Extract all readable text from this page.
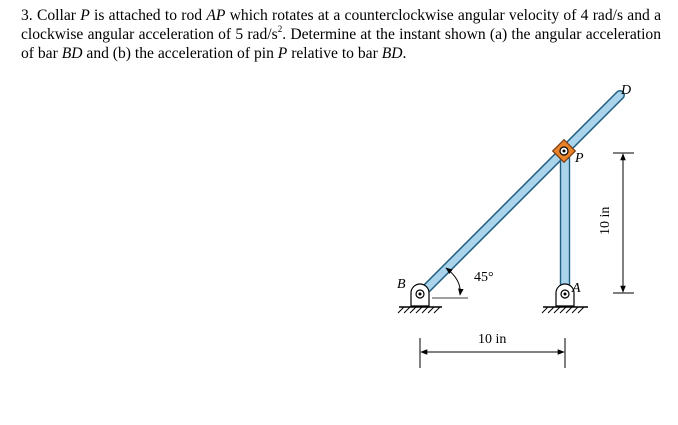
3. Collar P is attached to rod AP which rotates at a counterclockwise angular velocity of 4 rad/s and a clockwise angular acceleration of 5 rad/$s^2$. Determine at the instant shown (a) the angular acceleration of bar BD and (b) the acceleration of pin P relative to bar BD.
45°
B	A
P
D
10 in
10 in
